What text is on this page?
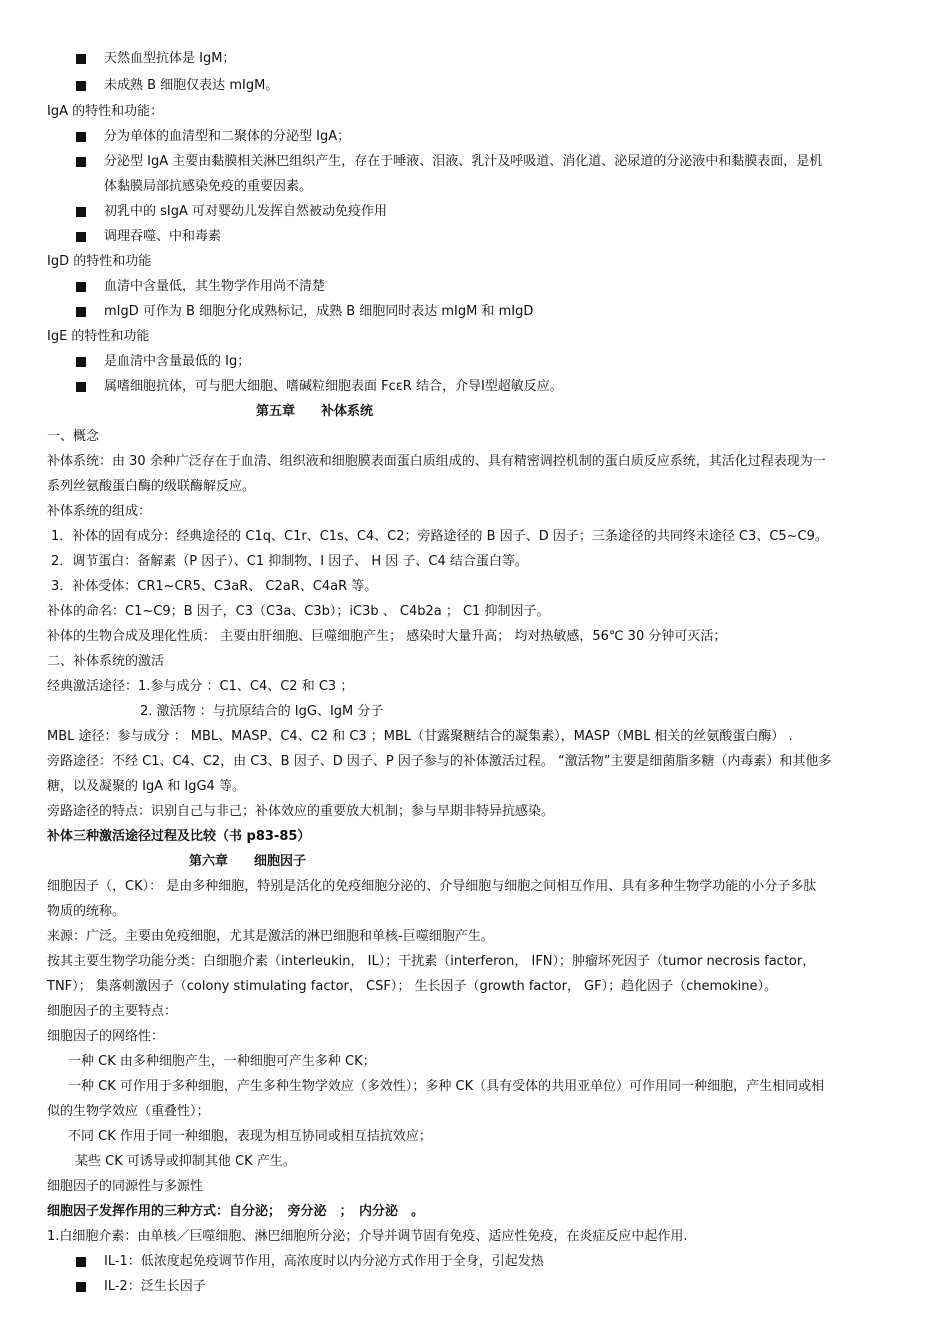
天然血型抗体是 IgM；
未成熟 B 细胞仅表达 mIgM。
IgA 的特性和功能：
分为单体的血清型和二聚体的分泌型 IgA；
分泌型 IgA 主要由黏膜相关淋巴组织产生，存在于唾液、泪液、乳汁及呼吸道、消化道、泌尿道的分泌液中和黏膜表面，是机
体黏膜局部抗感染免疫的重要因素。
初乳中的 sIgA 可对婴幼儿发挥自然被动免疫作用
调理吞噬、中和毒素
IgD 的特性和功能
血清中含量低，其生物学作用尚不清楚
mIgD 可作为 B 细胞分化成熟标记，成熟 B 细胞同时表达 mIgM 和 mIgD
IgE 的特性和功能
是血清中含量最低的 Ig；
属嗜细胞抗体，可与肥大细胞、嗜碱粒细胞表面 FcεR 结合，介导Ⅰ型超敏反应。
第五章　　补体系统
一、概念
补体系统：由 30 余种广泛存在于血清、组织液和细胞膜表面蛋白质组成的、具有精密调控机制的蛋白质反应系统，其活化过程表现为一
系列丝氨酸蛋白酶的级联酶解反应。
补体系统的组成：
1．补体的固有成分：经典途径的 C1q、C1r、C1s、C4、C2；旁路途径的 B 因子、D 因子；三条途径的共同终末途径 C3、C5~C9。
2．调节蛋白：备解素（P 因子）、C1 抑制物、I 因子、 H 因 子、C4 结合蛋白等。
3．补体受体：CR1~CR5、C3aR、 C2aR、C4aR 等。
补体的命名：C1~C9；B 因子，C3（C3a、C3b）；iC3b 、 C4b2a ； C1 抑制因子。
补体的生物合成及理化性质： 主要由肝细胞、巨噬细胞产生； 感染时大量升高； 均对热敏感，56℃ 30 分钟可灭活；
二、补体系统的激活
经典激活途径：1.参与成分 ：C1、C4、C2 和 C3 ；
2. 激活物 ：与抗原结合的 IgG、IgM 分子
MBL 途径：参与成分 ： MBL、MASP、C4、C2 和 C3 ；MBL（甘露聚糖结合的凝集素），MASP（MBL 相关的丝氨酸蛋白酶） .
旁路途径：不经 C1、C4、C2，由 C3、B 因子、D 因子、P 因子参与的补体激活过程。 “激活物”主要是细菌脂多糖（内毒素）和其他多
糖，以及凝聚的 IgA 和 IgG4 等。
旁路途径的特点：识别自己与非己；补体效应的重要放大机制；参与早期非特异抗感染。
补体三种激活途径过程及比较（书 p83-85）
第六章　　细胞因子
细胞因子（，CK）： 是由多种细胞，特别是活化的免疫细胞分泌的、介导细胞与细胞之间相互作用、具有多种生物学功能的小分子多肽
物质的统称。
来源：广泛。主要由免疫细胞，尤其是激活的淋巴细胞和单核-巨噬细胞产生。
按其主要生物学功能分类：白细胞介素（interleukin， IL）；干扰素（interferon， IFN）；肿瘤坏死因子（tumor necrosis factor，
TNF）； 集落刺激因子（colony stimulating factor， CSF）； 生长因子（growth factor， GF）；趋化因子（chemokine）。
细胞因子的主要特点：
细胞因子的网络性：
一种 CK 由多种细胞产生，一种细胞可产生多种 CK；
一种 CK 可作用于多种细胞，产生多种生物学效应（多效性）；多种 CK（具有受体的共用亚单位）可作用同一种细胞，产生相同或相
似的生物学效应（重叠性）；
不同 CK 作用于同一种细胞，表现为相互协同或相互拮抗效应；
某些 CK 可诱导或抑制其他 CK 产生。
细胞因子的同源性与多源性
细胞因子发挥作用的三种方式：自分泌；　旁分泌　；　内分泌　。
1.白细胞介素：由单核／巨噬细胞、淋巴细胞所分泌；介导并调节固有免疫、适应性免疫，在炎症反应中起作用.
IL-1：低浓度起免疫调节作用，高浓度时以内分泌方式作用于全身，引起发热
IL-2：泛生长因子
